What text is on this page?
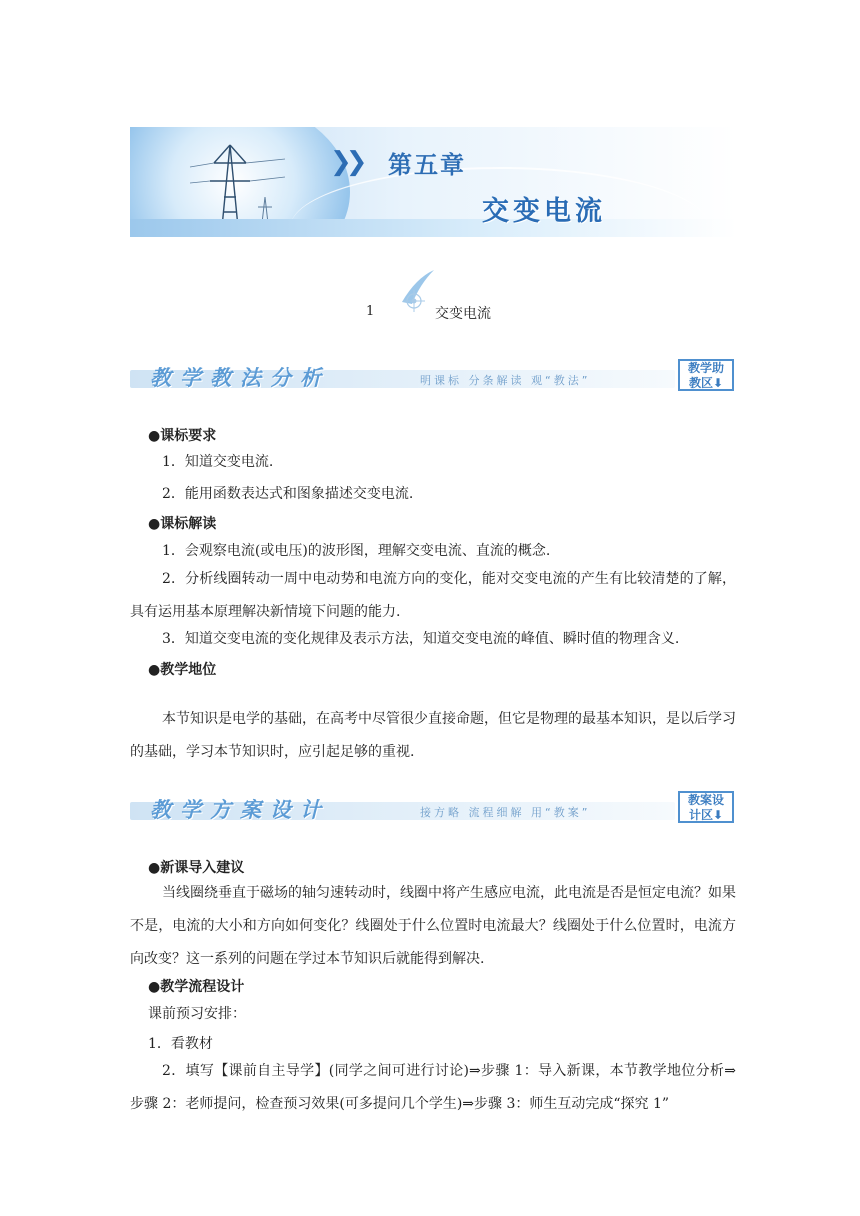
❯❯ 第五章
交变电流
1	交变电流
教学教法分析	明课标 分条解读 观“教法”
教学助
教区⬇
●课标要求
1．知道交变电流.
2．能用函数表达式和图象描述交变电流.
●课标解读
1．会观察电流(或电压)的波形图，理解交变电流、直流的概念.
2．分析线圈转动一周中电动势和电流方向的变化，能对交变电流的产生有比较清楚的了解，具有运用基本原理解决新情境下问题的能力.
3．知道交变电流的变化规律及表示方法，知道交变电流的峰值、瞬时值的物理含义.
●教学地位
本节知识是电学的基础，在高考中尽管很少直接命题，但它是物理的最基本知识，是以后学习的基础，学习本节知识时，应引起足够的重视.
教学方案设计	接方略 流程细解 用“教案”
教案设
计区⬇
●新课导入建议
当线圈绕垂直于磁场的轴匀速转动时，线圈中将产生感应电流，此电流是否是恒定电流？如果不是，电流的大小和方向如何变化？线圈处于什么位置时电流最大？线圈处于什么位置时，电流方向改变？这一系列的问题在学过本节知识后就能得到解决.
●教学流程设计
课前预习安排：
1．看教材
2．填写【课前自主导学】(同学之间可进行讨论)⇒步骤 1：导入新课，本节教学地位分析⇒步骤 2：老师提问，检查预习效果(可多提问几个学生)⇒步骤 3：师生互动完成“探究 1”
